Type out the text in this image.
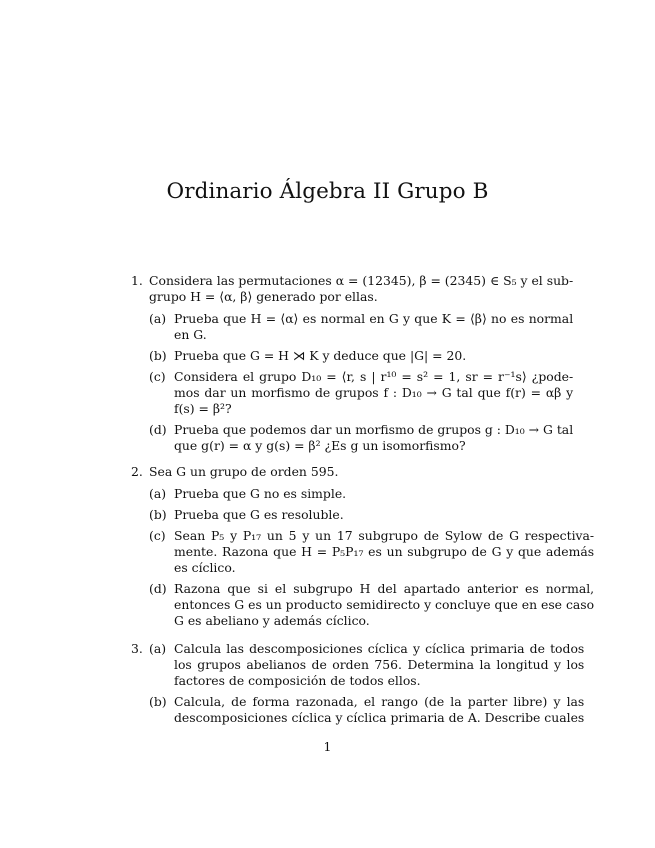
Ordinario Álgebra II Grupo B
1. Considera las permutaciones α = (12345), β = (2345) ∈ S₅ y el sub-
grupo H = ⟨α, β⟩ generado por ellas.
(a) Prueba que H = ⟨α⟩ es normal en G y que K = ⟨β⟩ no es normal
en G.
(b) Prueba que G = H ⋊ K y deduce que |G| = 20.
(c) Considera el grupo D₁₀ = ⟨r, s | r¹⁰ = s² = 1, sr = r⁻¹s⟩ ¿pode-
mos dar un morfismo de grupos f : D₁₀ → G tal que f(r) = αβ y
f(s) = β²?
(d) Prueba que podemos dar un morfismo de grupos g : D₁₀ → G tal
que g(r) = α y g(s) = β² ¿Es g un isomorfismo?
2. Sea G un grupo de orden 595.
(a) Prueba que G no es simple.
(b) Prueba que G es resoluble.
(c) Sean P₅ y P₁₇ un 5 y un 17 subgrupo de Sylow de G respectiva-
mente. Razona que H = P₅P₁₇ es un subgrupo de G y que además
es cíclico.
(d) Razona que si el subgrupo H del apartado anterior es normal,
entonces G es un producto semidirecto y concluye que en ese caso
G es abeliano y además cíclico.
3. (a) Calcula las descomposiciones cíclica y cíclica primaria de todos
los grupos abelianos de orden 756. Determina la longitud y los
factores de composición de todos ellos.
(b) Calcula, de forma razonada, el rango (de la parter libre) y las
descomposiciones cíclica y cíclica primaria de A. Describe cuales
1
